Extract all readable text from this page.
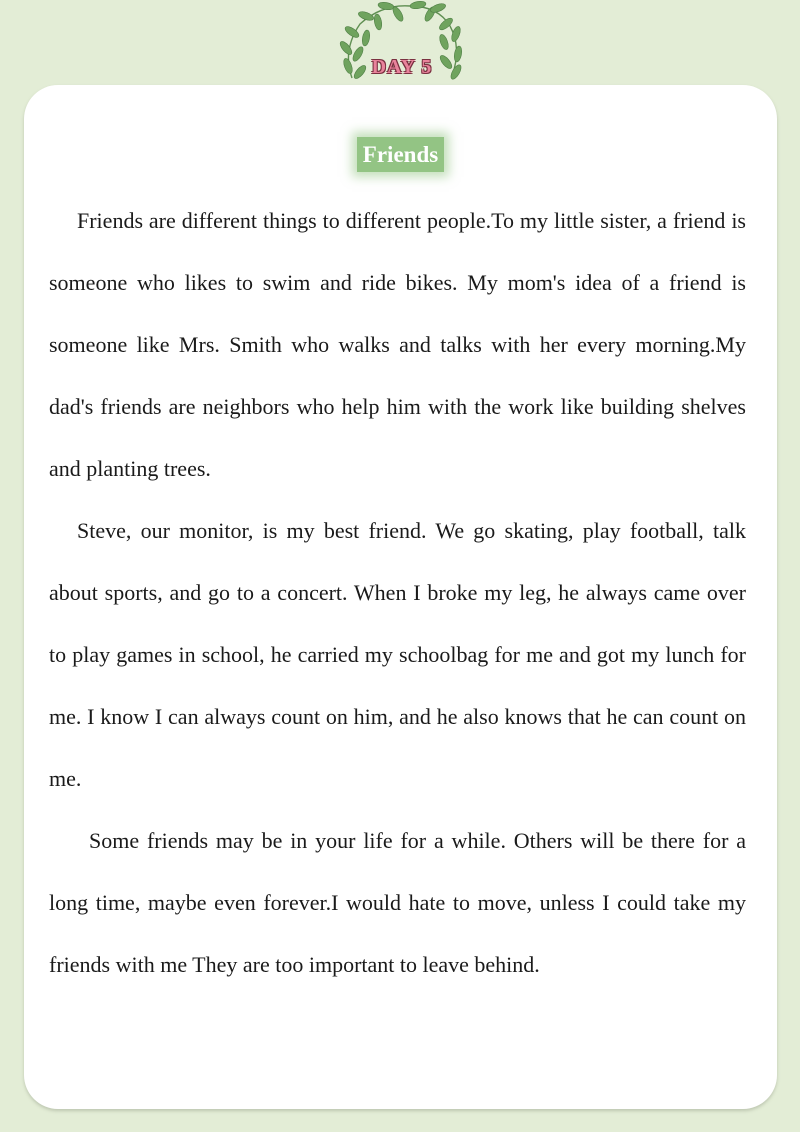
DAY 5
Friends

Friends are different things to different people.To my little sister, a friend is someone who likes to swim and ride bikes. My mom's idea of a friend is someone like Mrs. Smith who walks and talks with her every morning.My dad's friends are neighbors who help him with the work like building shelves and planting trees.

Steve, our monitor, is my best friend. We go skating, play football, talk about sports, and go to a concert. When I broke my leg, he always came over to play games in school, he carried my schoolbag for me and got my lunch for me. I know I can always count on him, and he also knows that he can count on me.

Some friends may be in your life for a while. Others will be there for a long time, maybe even forever.I would hate to move, unless I could take my friends with me They are too important to leave behind.
